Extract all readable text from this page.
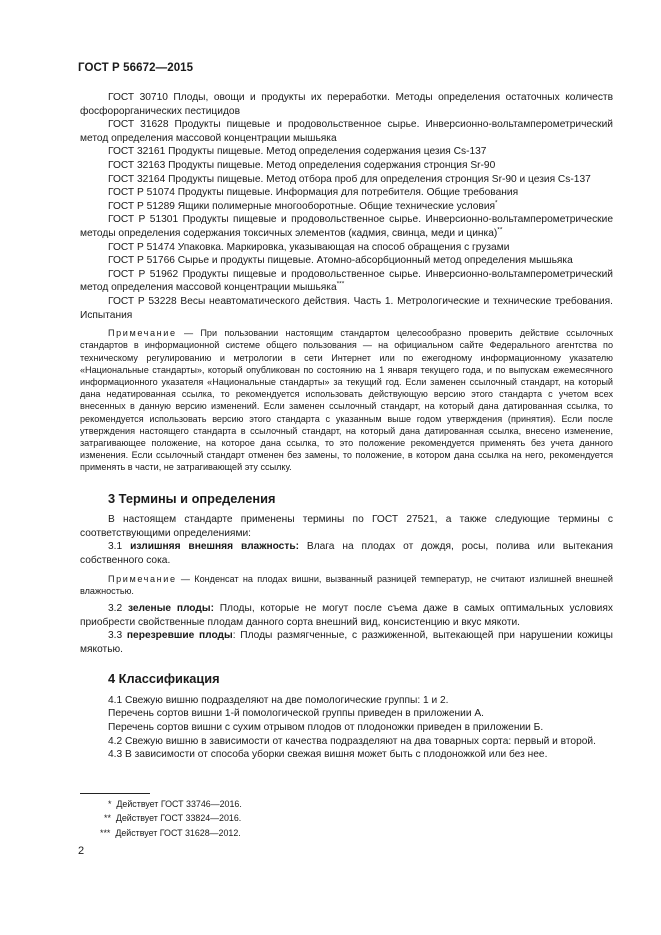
ГОСТ Р 56672—2015

ГОСТ 30710 Плоды, овощи и продукты их переработки. Методы определения остаточных количеств фосфорорганических пестицидов

ГОСТ 31628 Продукты пищевые и продовольственное сырье. Инверсионно-вольтамперометрический метод определения массовой концентрации мышьяка

ГОСТ 32161 Продукты пищевые. Метод определения содержания цезия Cs-137

ГОСТ 32163 Продукты пищевые. Метод определения содержания стронция Sr-90

ГОСТ 32164 Продукты пищевые. Метод отбора проб для определения стронция Sr-90 и цезия Cs-137

ГОСТ Р 51074 Продукты пищевые. Информация для потребителя. Общие требования

ГОСТ Р 51289 Ящики полимерные многооборотные. Общие технические условия*

ГОСТ Р 51301 Продукты пищевые и продовольственное сырье. Инверсионно-вольтамперометрические методы определения содержания токсичных элементов (кадмия, свинца, меди и цинка)**

ГОСТ Р 51474 Упаковка. Маркировка, указывающая на способ обращения с грузами

ГОСТ Р 51766 Сырье и продукты пищевые. Атомно-абсорбционный метод определения мышьяка

ГОСТ Р 51962 Продукты пищевые и продовольственное сырье. Инверсионно-вольтамперометрический метод определения массовой концентрации мышьяка***

ГОСТ Р 53228 Весы неавтоматического действия. Часть 1. Метрологические и технические требования. Испытания

Примечание — При пользовании настоящим стандартом целесообразно проверить действие ссылочных стандартов в информационной системе общего пользования — на официальном сайте Федерального агентства по техническому регулированию и метрологии в сети Интернет или по ежегодному информационному указателю «Национальные стандарты», который опубликован по состоянию на 1 января текущего года, и по выпускам ежемесячного информационного указателя «Национальные стандарты» за текущий год. Если заменен ссылочный стандарт, на который дана недатированная ссылка, то рекомендуется использовать действующую версию этого стандарта с учетом всех внесенных в данную версию изменений. Если заменен ссылочный стандарт, на который дана датированная ссылка, то рекомендуется использовать версию этого стандарта с указанным выше годом утверждения (принятия). Если после утверждения настоящего стандарта в ссылочный стандарт, на который дана датированная ссылка, внесено изменение, затрагивающее положение, на которое дана ссылка, то это положение рекомендуется применять без учета данного изменения. Если ссылочный стандарт отменен без замены, то положение, в котором дана ссылка на него, рекомендуется применять в части, не затрагивающей эту ссылку.

3 Термины и определения

В настоящем стандарте применены термины по ГОСТ 27521, а также следующие термины с соответствующими определениями:

3.1 излишняя внешняя влажность: Влага на плодах от дождя, росы, полива или вытекания собственного сока.

Примечание — Конденсат на плодах вишни, вызванный разницей температур, не считают излишней внешней влажностью.

3.2 зеленые плоды: Плоды, которые не могут после съема даже в самых оптимальных условиях приобрести свойственные плодам данного сорта внешний вид, консистенцию и вкус мякоти.

3.3 перезревшие плоды: Плоды размягченные, с разжиженной, вытекающей при нарушении кожицы мякотью.

4 Классификация

4.1 Свежую вишню подразделяют на две помологические группы: 1 и 2.

Перечень сортов вишни 1-й помологической группы приведен в приложении А.

Перечень сортов вишни с сухим отрывом плодов от плодоножки приведен в приложении Б.

4.2 Свежую вишню в зависимости от качества подразделяют на два товарных сорта: первый и второй.

4.3 В зависимости от способа уборки свежая вишня может быть с плодоножкой или без нее.

* Действует ГОСТ 33746—2016.
** Действует ГОСТ 33824—2016.
*** Действует ГОСТ 31628—2012.
2
